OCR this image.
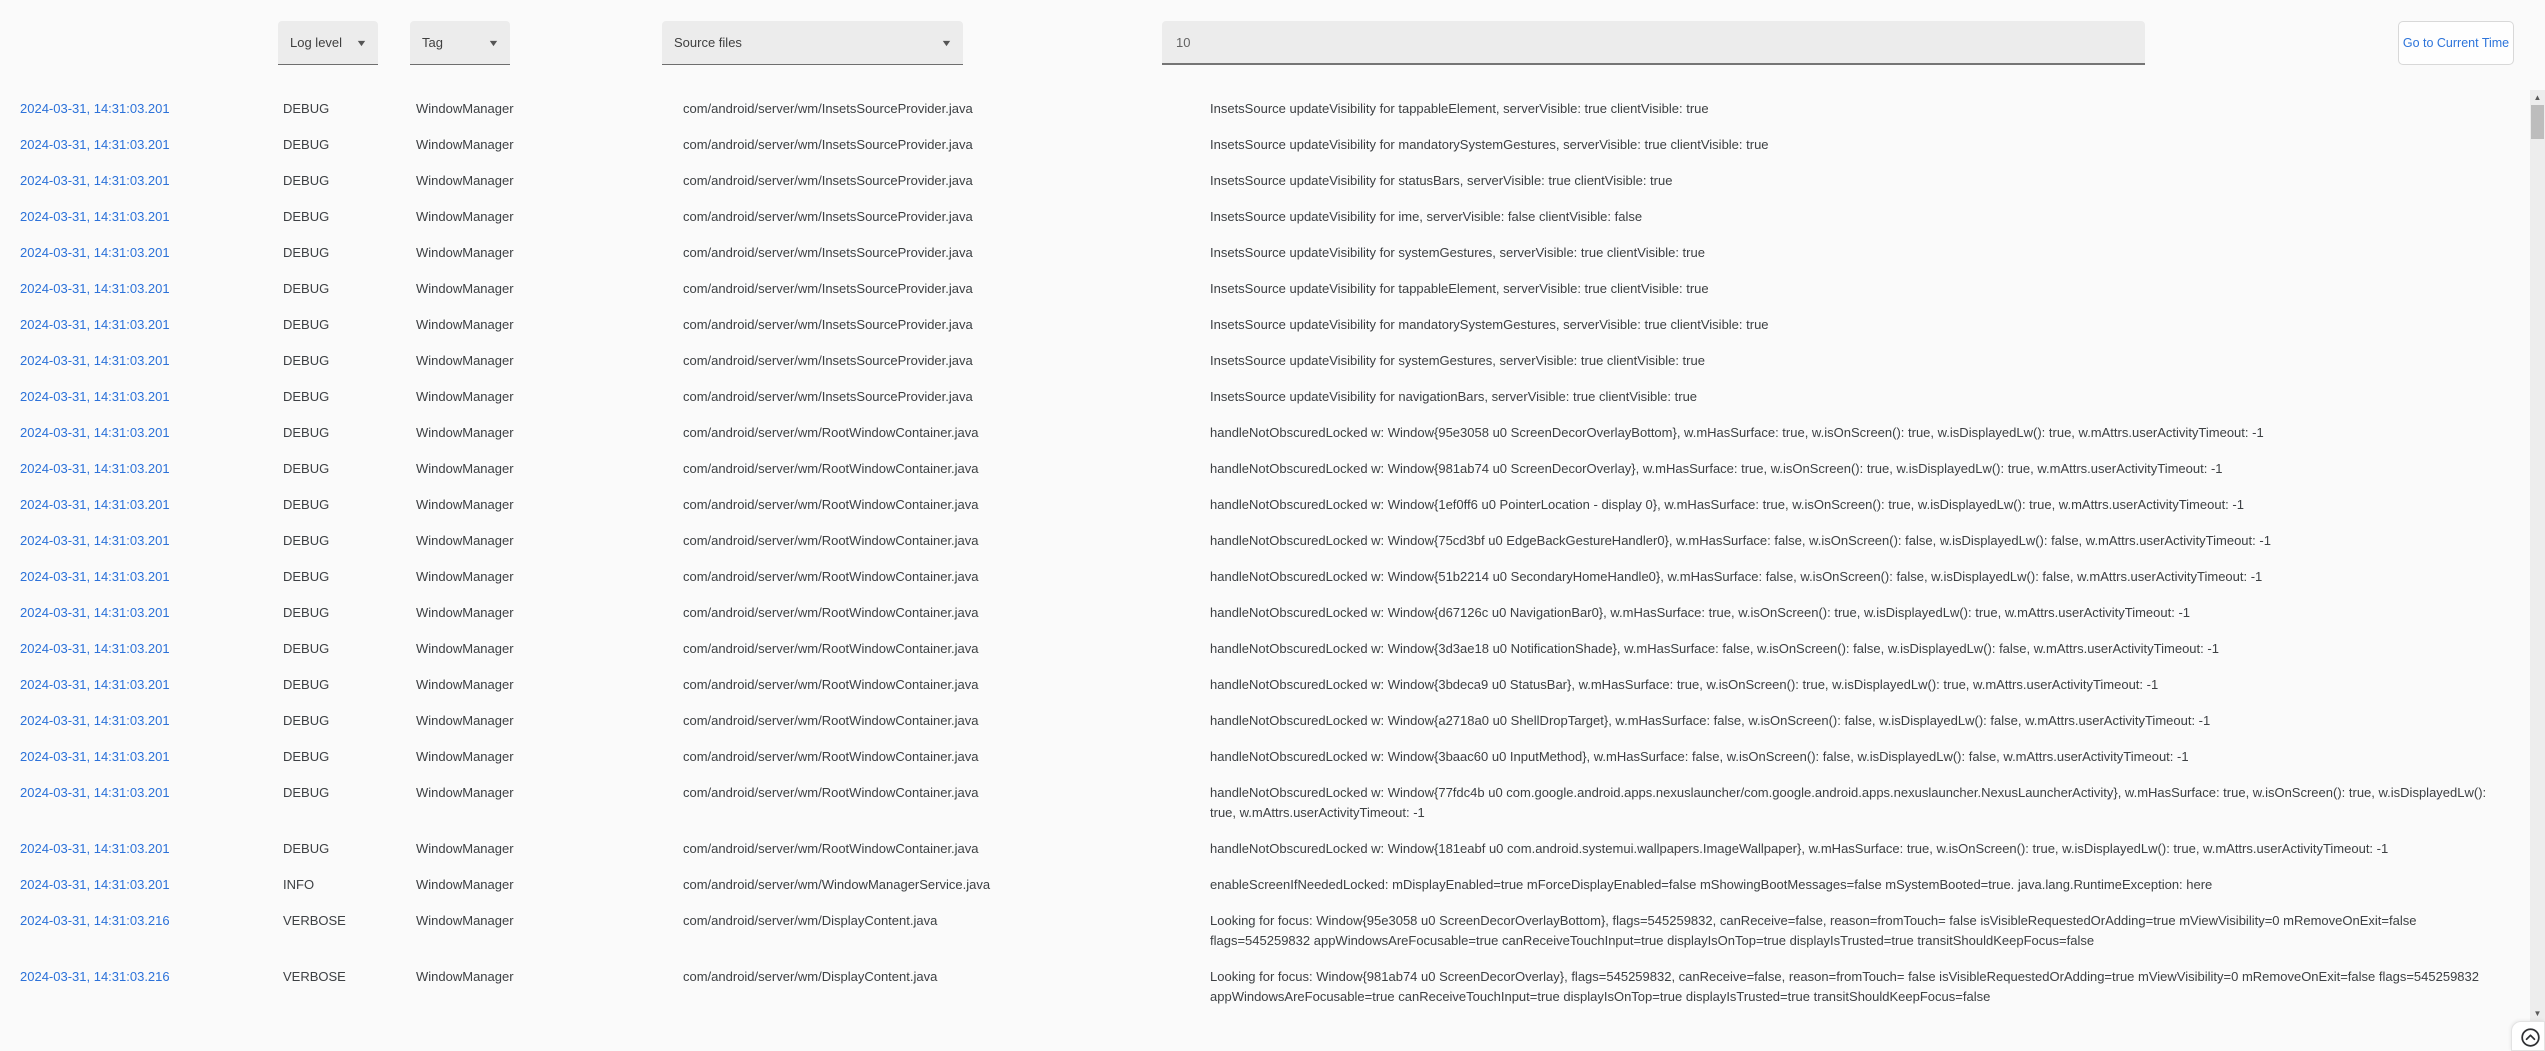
Log level ▼	Tag	▼	Source files	▼
10	Go to Current Time
2024-03-31, 14:31:03.201	DEBUG	WindowManager	com/android/server/wm/InsetsSourceProvider.java	InsetsSource updateVisibility for tappableElement, serverVisible: true clientVisible: true
2024-03-31, 14:31:03.201	DEBUG	WindowManager	com/android/server/wm/InsetsSourceProvider.java	InsetsSource updateVisibility for mandatorySystemGestures, serverVisible: true clientVisible: true
2024-03-31, 14:31:03.201	DEBUG	WindowManager	com/android/server/wm/InsetsSourceProvider.java	InsetsSource updateVisibility for statusBars, serverVisible: true clientVisible: true
2024-03-31, 14:31:03.201	DEBUG	WindowManager	com/android/server/wm/InsetsSourceProvider.java	InsetsSource updateVisibility for ime, serverVisible: false clientVisible: false
2024-03-31, 14:31:03.201	DEBUG	WindowManager	com/android/server/wm/InsetsSourceProvider.java	InsetsSource updateVisibility for systemGestures, serverVisible: true clientVisible: true
2024-03-31, 14:31:03.201	DEBUG	WindowManager	com/android/server/wm/InsetsSourceProvider.java	InsetsSource updateVisibility for tappableElement, serverVisible: true clientVisible: true
2024-03-31, 14:31:03.201	DEBUG	WindowManager	com/android/server/wm/InsetsSourceProvider.java	InsetsSource updateVisibility for mandatorySystemGestures, serverVisible: true clientVisible: true
2024-03-31, 14:31:03.201	DEBUG	WindowManager	com/android/server/wm/InsetsSourceProvider.java	InsetsSource updateVisibility for systemGestures, serverVisible: true clientVisible: true
2024-03-31, 14:31:03.201	DEBUG	WindowManager	com/android/server/wm/InsetsSourceProvider.java	InsetsSource updateVisibility for navigationBars, serverVisible: true clientVisible: true
2024-03-31, 14:31:03.201	DEBUG	WindowManager	com/android/server/wm/RootWindowContainer.java	handleNotObscuredLocked w: Window{95e3058 u0 ScreenDecorOverlayBottom}, w.mHasSurface: true, w.isOnScreen(): true, w.isDisplayedLw(): true, w.mAttrs.userActivityTimeout: -1
2024-03-31, 14:31:03.201	DEBUG	WindowManager	com/android/server/wm/RootWindowContainer.java	handleNotObscuredLocked w: Window{981ab74 u0 ScreenDecorOverlay}, w.mHasSurface: true, w.isOnScreen(): true, w.isDisplayedLw(): true, w.mAttrs.userActivityTimeout: -1
2024-03-31, 14:31:03.201	DEBUG	WindowManager	com/android/server/wm/RootWindowContainer.java	handleNotObscuredLocked w: Window{1ef0ff6 u0 PointerLocation - display 0}, w.mHasSurface: true, w.isOnScreen(): true, w.isDisplayedLw(): true, w.mAttrs.userActivityTimeout: -1
2024-03-31, 14:31:03.201	DEBUG	WindowManager	com/android/server/wm/RootWindowContainer.java	handleNotObscuredLocked w: Window{75cd3bf u0 EdgeBackGestureHandler0}, w.mHasSurface: false, w.isOnScreen(): false, w.isDisplayedLw(): false, w.mAttrs.userActivityTimeout: -1
2024-03-31, 14:31:03.201	DEBUG	WindowManager	com/android/server/wm/RootWindowContainer.java	handleNotObscuredLocked w: Window{51b2214 u0 SecondaryHomeHandle0}, w.mHasSurface: false, w.isOnScreen(): false, w.isDisplayedLw(): false, w.mAttrs.userActivityTimeout: -1
2024-03-31, 14:31:03.201	DEBUG	WindowManager	com/android/server/wm/RootWindowContainer.java	handleNotObscuredLocked w: Window{d67126c u0 NavigationBar0}, w.mHasSurface: true, w.isOnScreen(): true, w.isDisplayedLw(): true, w.mAttrs.userActivityTimeout: -1
2024-03-31, 14:31:03.201	DEBUG	WindowManager	com/android/server/wm/RootWindowContainer.java	handleNotObscuredLocked w: Window{3d3ae18 u0 NotificationShade}, w.mHasSurface: false, w.isOnScreen(): false, w.isDisplayedLw(): false, w.mAttrs.userActivityTimeout: -1
2024-03-31, 14:31:03.201	DEBUG	WindowManager	com/android/server/wm/RootWindowContainer.java	handleNotObscuredLocked w: Window{3bdeca9 u0 StatusBar}, w.mHasSurface: true, w.isOnScreen(): true, w.isDisplayedLw(): true, w.mAttrs.userActivityTimeout: -1
2024-03-31, 14:31:03.201	DEBUG	WindowManager	com/android/server/wm/RootWindowContainer.java	handleNotObscuredLocked w: Window{a2718a0 u0 ShellDropTarget}, w.mHasSurface: false, w.isOnScreen(): false, w.isDisplayedLw(): false, w.mAttrs.userActivityTimeout: -1
2024-03-31, 14:31:03.201	DEBUG	WindowManager	com/android/server/wm/RootWindowContainer.java	handleNotObscuredLocked w: Window{3baac60 u0 InputMethod}, w.mHasSurface: false, w.isOnScreen(): false, w.isDisplayedLw(): false, w.mAttrs.userActivityTimeout: -1
2024-03-31, 14:31:03.201	DEBUG	WindowManager	com/android/server/wm/RootWindowContainer.java	handleNotObscuredLocked w: Window{77fdc4b u0 com.google.android.apps.nexuslauncher/com.google.android.apps.nexuslauncher.NexusLauncherActivity}, w.mHasSurface: true, w.isOnScreen(): true, w.isDisplayedLw(): true, w.mAttrs.userActivityTimeout: -1
2024-03-31, 14:31:03.201	DEBUG	WindowManager	com/android/server/wm/RootWindowContainer.java	handleNotObscuredLocked w: Window{181eabf u0 com.android.systemui.wallpapers.ImageWallpaper}, w.mHasSurface: true, w.isOnScreen(): true, w.isDisplayedLw(): true, w.mAttrs.userActivityTimeout: -1
2024-03-31, 14:31:03.201	INFO	WindowManager	com/android/server/wm/WindowManagerService.java	enableScreenIfNeededLocked: mDisplayEnabled=true mForceDisplayEnabled=false mShowingBootMessages=false mSystemBooted=true. java.lang.RuntimeException: here
2024-03-31, 14:31:03.216	VERBOSE	WindowManager	com/android/server/wm/DisplayContent.java	Looking for focus: Window{95e3058 u0 ScreenDecorOverlayBottom}, flags=545259832, canReceive=false, reason=fromTouch= false isVisibleRequestedOrAdding=true mViewVisibility=0 mRemoveOnExit=false flags=545259832 appWindowsAreFocusable=true canReceiveTouchInput=true displayIsOnTop=true displayIsTrusted=true transitShouldKeepFocus=false
2024-03-31, 14:31:03.216	VERBOSE	WindowManager	com/android/server/wm/DisplayContent.java	Looking for focus: Window{981ab74 u0 ScreenDecorOverlay}, flags=545259832, canReceive=false, reason=fromTouch= false isVisibleRequestedOrAdding=true mViewVisibility=0 mRemoveOnExit=false flags=545259832 appWindowsAreFocusable=true canReceiveTouchInput=true displayIsOnTop=true displayIsTrusted=true transitShouldKeepFocus=false
▲
▼
